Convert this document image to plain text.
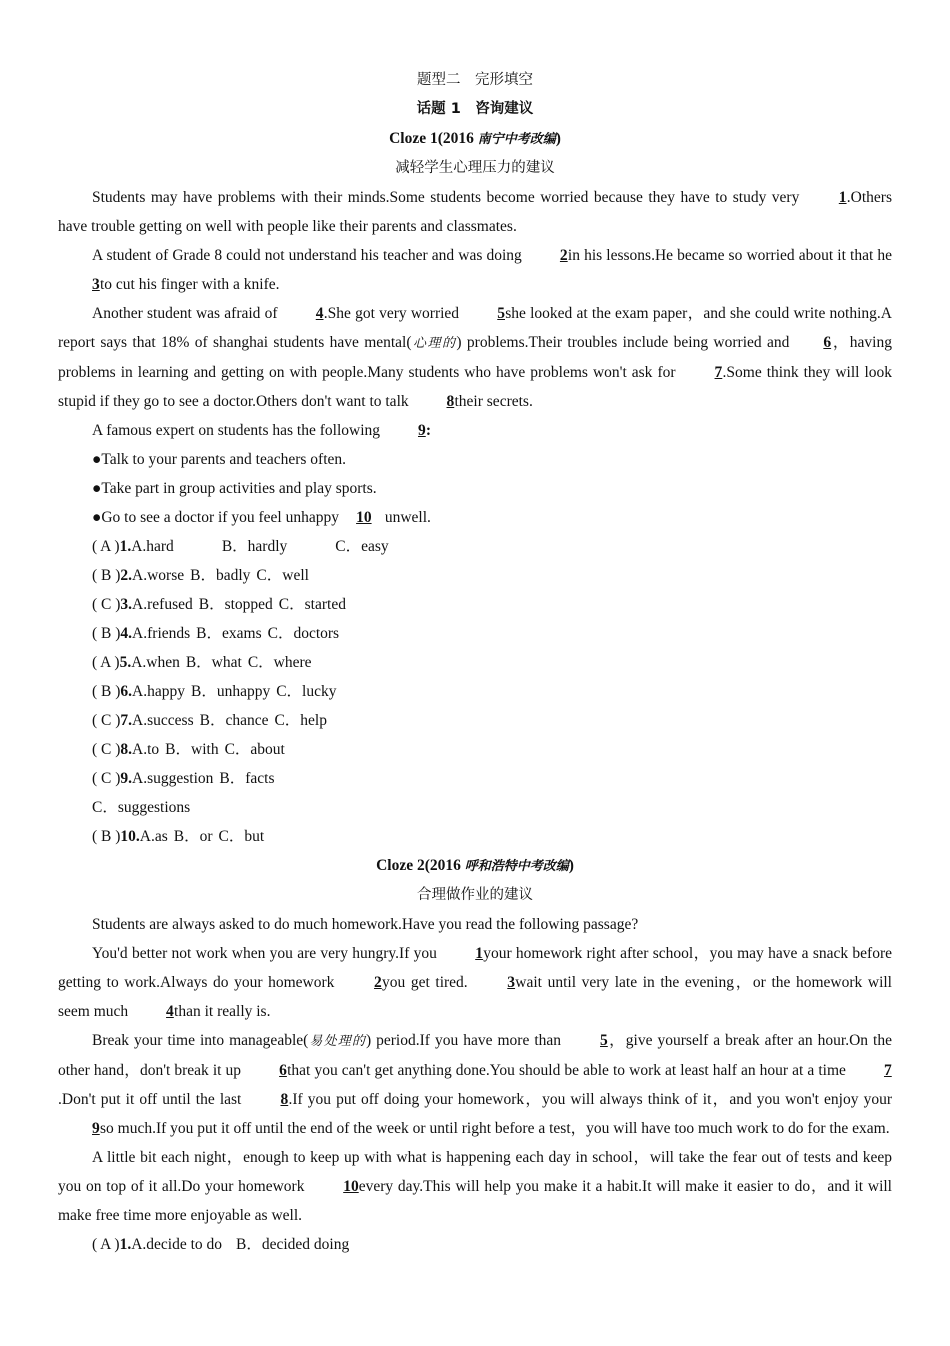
题型二　完形填空
话题 1　咨询建议
Cloze 1(2016 南宁中考改编)
减轻学生心理压力的建议
Students may have problems with their minds.Some students become worried because they have to study very 1.Others have trouble getting on well with people like their parents and classmates.
A student of Grade 8 could not understand his teacher and was doing 2in his lessons.He became so worried about it that he 3to cut his finger with a knife.
Another student was afraid of 4.She got very worried 5she looked at the exam paper，and she could write nothing.A report says that 18% of shanghai students have mental(心理的) problems.Their troubles include being worried and 6，having problems in learning and getting on with people.Many students who have problems won't ask for 7.Some think they will look stupid if they go to see a doctor.Others don't want to talk 8their secrets.
A famous expert on students has the following 9:
●Talk to your parents and teachers often.
●Take part in group activities and play sports.
●Go to see a doctor if you feel unhappy 10 unwell.
( A )1.A.hard	B．hardly	C．easy
( B )2.A.worse B．badly C．well
( C )3.A.refused B．stopped C．started
( B )4.A.friends B．exams C．doctors
( A )5.A.when B．what C．where
( B )6.A.happy B．unhappy C．lucky
( C )7.A.success B．chance C．help
( C )8.A.to B．with C．about
( C )9.A.suggestion B．facts
C．suggestions
( B )10.A.as B．or C．but
Cloze 2(2016 呼和浩特中考改编)
合理做作业的建议
Students are always asked to do much homework.Have you read the following passage?
You'd better not work when you are very hungry.If you 1your homework right after school，you may have a snack before getting to work.Always do your homework 2you get tired. 3wait until very late in the evening，or the homework will seem much 4than it really is.
Break your time into manageable(易处理的) period.If you have more than 5，give yourself a break after an hour.On the other hand，don't break it up 6that you can't get anything done.You should be able to work at least half an hour at a time 7.Don't put it off until the last 8.If you put off doing your homework，you will always think of it，and you won't enjoy your 9so much.If you put it off until the end of the week or until right before a test，you will have too much work to do for the exam.
A little bit each night，enough to keep up with what is happening each day in school，will take the fear out of tests and keep you on top of it all.Do your homework 10every day.This will help you make it a habit.It will make it easier to do，and it will make free time more enjoyable as well.
( A )1.A.decide to do B．decided doing
